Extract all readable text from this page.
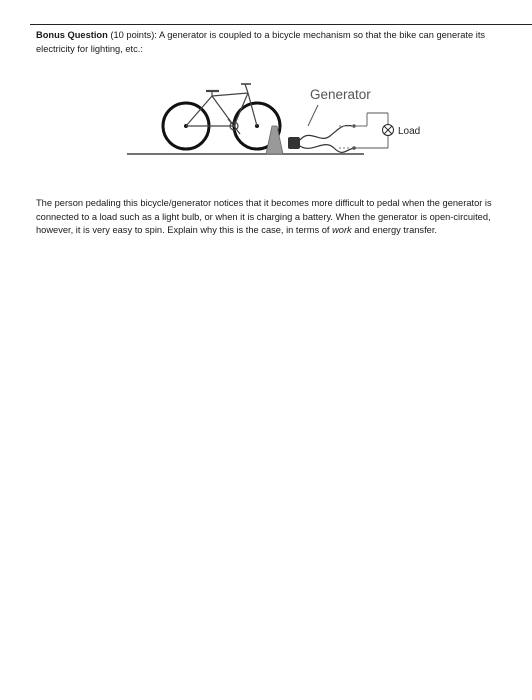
Bonus Question (10 points): A generator is coupled to a bicycle mechanism so that the bike can generate its electricity for lighting, etc.:
Generator
Load
The person pedaling this bicycle/generator notices that it becomes more difficult to pedal when the generator is connected to a load such as a light bulb, or when it is charging a battery. When the generator is open-circuited, however, it is very easy to spin. Explain why this is the case, in terms of work and energy transfer.
